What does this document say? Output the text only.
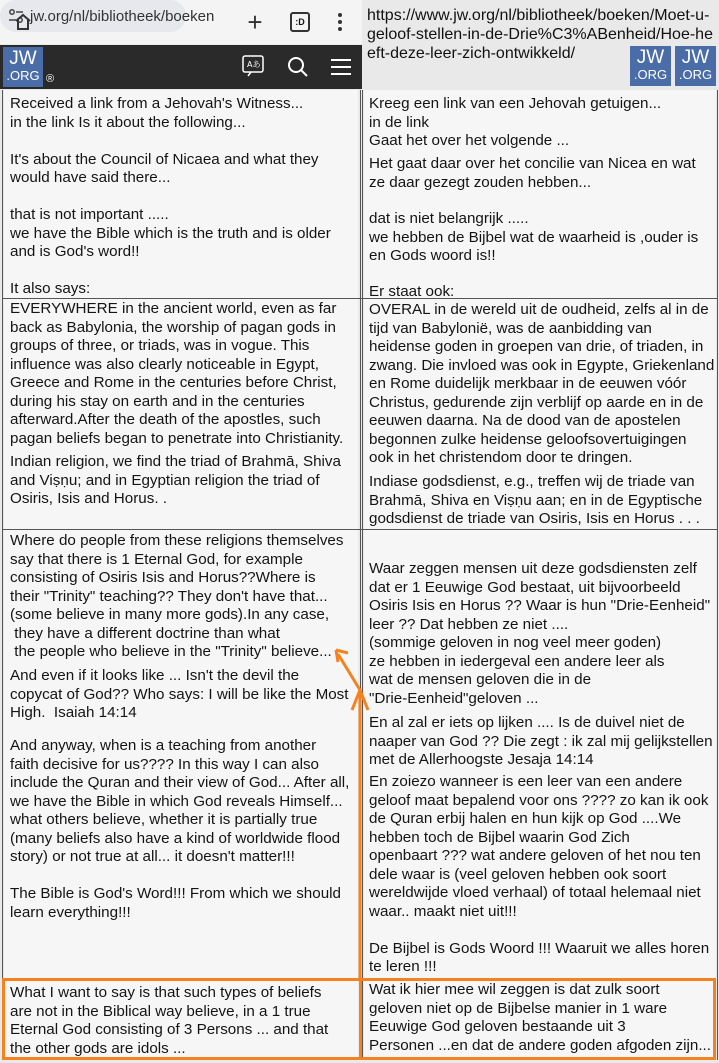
jw.org/nl/bibliotheek/boeken +	:D
JW
.ORG ®
Aあ
https://www.jw.org/nl/bibliotheek/boeken/Moet-u-geloof-stellen-in-de-Drie%C3%ABenheid/Hoe-heeft-deze-leer-zich-ontwikkeld/	JW
.ORG
JW
.ORG
Received a link from a Jehovah's Witness...
in the link Is it about the following...

It's about the Council of Nicaea and what they
would have said there...

that is not important .....
we have the Bible which is the truth and is older
and is God's word!!

It also says:
EVERYWHERE in the ancient world, even as far
back as Babylonia, the worship of pagan gods in
groups of three, or triads, was in vogue. This
influence was also clearly noticeable in Egypt,
Greece and Rome in the centuries before Christ,
during his stay on earth and in the centuries
afterward.After the death of the apostles, such
pagan beliefs began to penetrate into Christianity.
Indian religion, we find the triad of Brahmā, Shiva
and Viṣṇu; and in Egyptian religion the triad of
Osiris, Isis and Horus. .
Where do people from these religions themselves
say that there is 1 Eternal God, for example
consisting of Osiris Isis and Horus??Where is
their "Trinity" teaching?? They don't have that...
(some believe in many more gods).In any case,
they have a different doctrine than what
the people who believe in the "Trinity" believe...
And even if it looks like ... Isn't the devil the
copycat of God?? Who says: I will be like the Most
High.  Isaiah 14:14
And anyway, when is a teaching from another
faith decisive for us???? In this way I can also
include the Quran and their view of God... After all,
we have the Bible in which God reveals Himself...
what others believe, whether it is partially true
(many beliefs also have a kind of worldwide flood
story) or not true at all... it doesn't matter!!!

The Bible is God's Word!!! From which we should
learn everything!!!
What I want to say is that such types of beliefs
are not in the Biblical way believe, in a 1 true
Eternal God consisting of 3 Persons ... and that
the other gods are idols ...
Kreeg een link van een Jehovah getuigen...
in de link
Gaat het over het volgende ...
Het gaat daar over het concilie van Nicea en wat
ze daar gezegt zouden hebben...
dat is niet belangrijk .....
we hebben de Bijbel wat de waarheid is ,ouder is
en Gods woord is!!
Er staat ook:
OVERAL in de wereld uit de oudheid, zelfs al in de
tijd van Babylonië, was de aanbidding van
heidense goden in groepen van drie, of triaden, in
zwang. Die invloed was ook in Egypte, Griekenland
en Rome duidelijk merkbaar in de eeuwen vóór
Christus, gedurende zijn verblijf op aarde en in de
eeuwen daarna. Na de dood van de apostelen
begonnen zulke heidense geloofsovertuigingen
ook in het christendom door te dringen.
Indiase godsdienst, e.g., treffen wij de triade van
Brahmā, Shiva en Viṣṇu aan; en in de Egyptische
godsdienst de triade van Osiris, Isis en Horus . . .
Waar zeggen mensen uit deze godsdiensten zelf
dat er 1 Eeuwige God bestaat, uit bijvoorbeeld
Osiris Isis en Horus ?? Waar is hun "Drie-Eenheid"
leer ?? Dat hebben ze niet ....
(sommige geloven in nog veel meer goden)
ze hebben in iedergeval een andere leer als
wat de mensen geloven die in de
"Drie-Eenheid"geloven ...
En al zal er iets op lijken .... Is de duivel niet de
naaper van God ?? Die zegt : ik zal mij gelijkstellen
met de Allerhoogste Jesaja 14:14
En zoiezo wanneer is een leer van een andere
geloof maat bepalend voor ons ???? zo kan ik ook
de Quran erbij halen en hun kijk op God ....We
hebben toch de Bijbel waarin God Zich
openbaart ??? wat andere geloven of het nou ten
dele waar is (veel geloven hebben ook soort
wereldwijde vloed verhaal) of totaal helemaal niet
waar.. maakt niet uit!!!

De Bijbel is Gods Woord !!! Waaruit we alles horen
te leren !!!
Wat ik hier mee wil zeggen is dat zulk soort
geloven niet op de Bijbelse manier in 1 ware
Eeuwige God geloven bestaande uit 3
Personen ...en dat de andere goden afgoden zijn...
